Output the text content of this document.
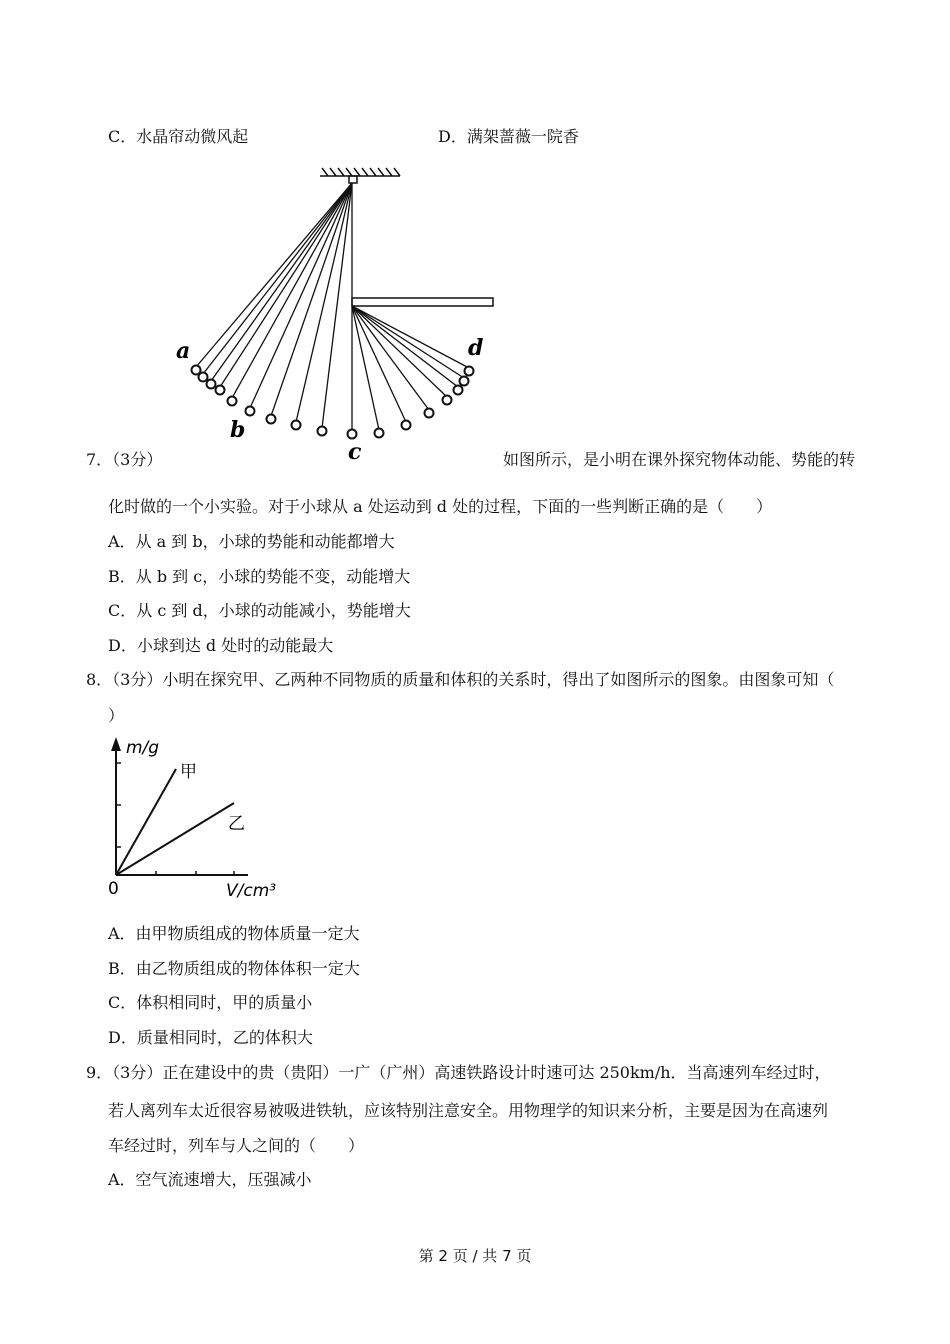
C．水晶帘动微风起	D．满架蔷薇一院香
a
b
c
d
7．（3分）	如图所示，是小明在课外探究物体动能、势能的转
化时做的一个小实验。对于小球从 a 处运动到 d 处的过程，下面的一些判断正确的是（　　）
A．从 a 到 b，小球的势能和动能都增大
B．从 b 到 c，小球的势能不变，动能增大
C．从 c 到 d，小球的动能减小，势能增大
D．小球到达 d 处时的动能最大
8．（3分）小明在探究甲、乙两种不同物质的质量和体积的关系时，得出了如图所示的图象。由图象可知（
）
m/g
甲
乙
0	V/cm³
A．由甲物质组成的物体质量一定大
B．由乙物质组成的物体体积一定大
C．体积相同时，甲的质量小
D．质量相同时，乙的体积大
9．（3分）正在建设中的贵（贵阳）一广（广州）高速铁路设计时速可达 250km/h．当高速列车经过时，
若人离列车太近很容易被吸进铁轨，应该特别注意安全。用物理学的知识来分析，主要是因为在高速列
车经过时，列车与人之间的（　　）
A．空气流速增大，压强减小
第 2 页 / 共 7 页
